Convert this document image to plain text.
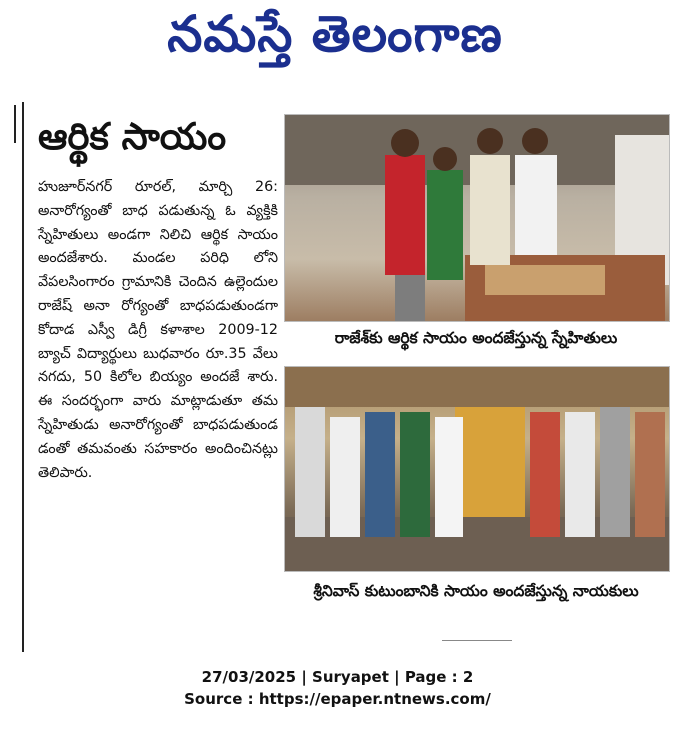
నమస్తే తెలంగాణ
ఆర్థిక సాయం

హుజూర్‌నగర్ రూరల్, మార్చి 26: అనారోగ్యంతో బాధ పడుతున్న ఓ వ్యక్తికి స్నేహితులు అండగా నిలిచి ఆర్థిక సాయం అందజేశారు. మండల పరిధి లోని వేపలసింగారం గ్రామానికి చెందిన ఉల్లెందుల రాజేష్ అనా రోగ్యంతో బాధపడుతుండగా కోదాడ ఎస్వీ డిగ్రీ కళాశాల 2009-12 బ్యాచ్ విద్యార్థులు బుధవారం రూ.35 వేలు నగదు, 50 కిలోల బియ్యం అందజే శారు. ఈ సందర్భంగా వారు మాట్లాడుతూ తమ స్నేహితుడు అనారోగ్యంతో బాధపడుతుండ డంతో తమవంతు సహకారం అందించినట్లు తెలిపారు.

రాజేశ్‌కు ఆర్థిక సాయం అందజేస్తున్న స్నేహితులు
శ్రీనివాస్ కుటుంబానికి సాయం అందజేస్తున్న నాయకులు
27/03/2025 | Suryapet | Page : 2
Source : https://epaper.ntnews.com/
